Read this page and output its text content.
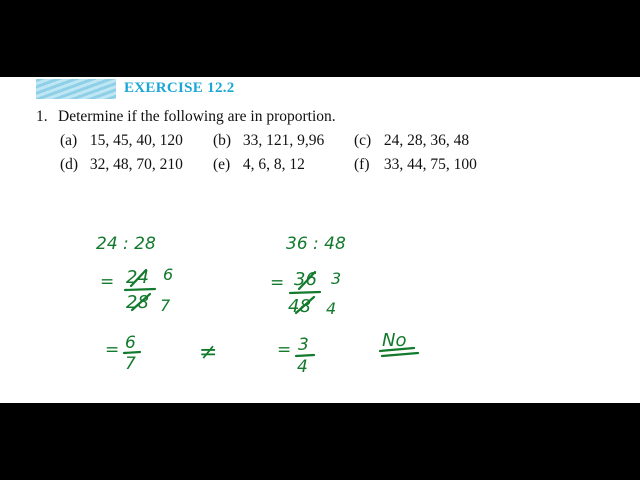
EXERCISE 12.2
1. Determine if the following are in proportion.
(a) 15, 45, 40, 120 (b) 33, 121, 9,96 (c) 24, 28, 36, 48
(d) 32, 48, 70, 210 (e) 4, 6, 8, 12	(f) 33, 44, 75, 100
24 : 28	36 : 48
= 24
28
6
7
= 36
48
3
4
= 6
7	≠	= 3
4
No
